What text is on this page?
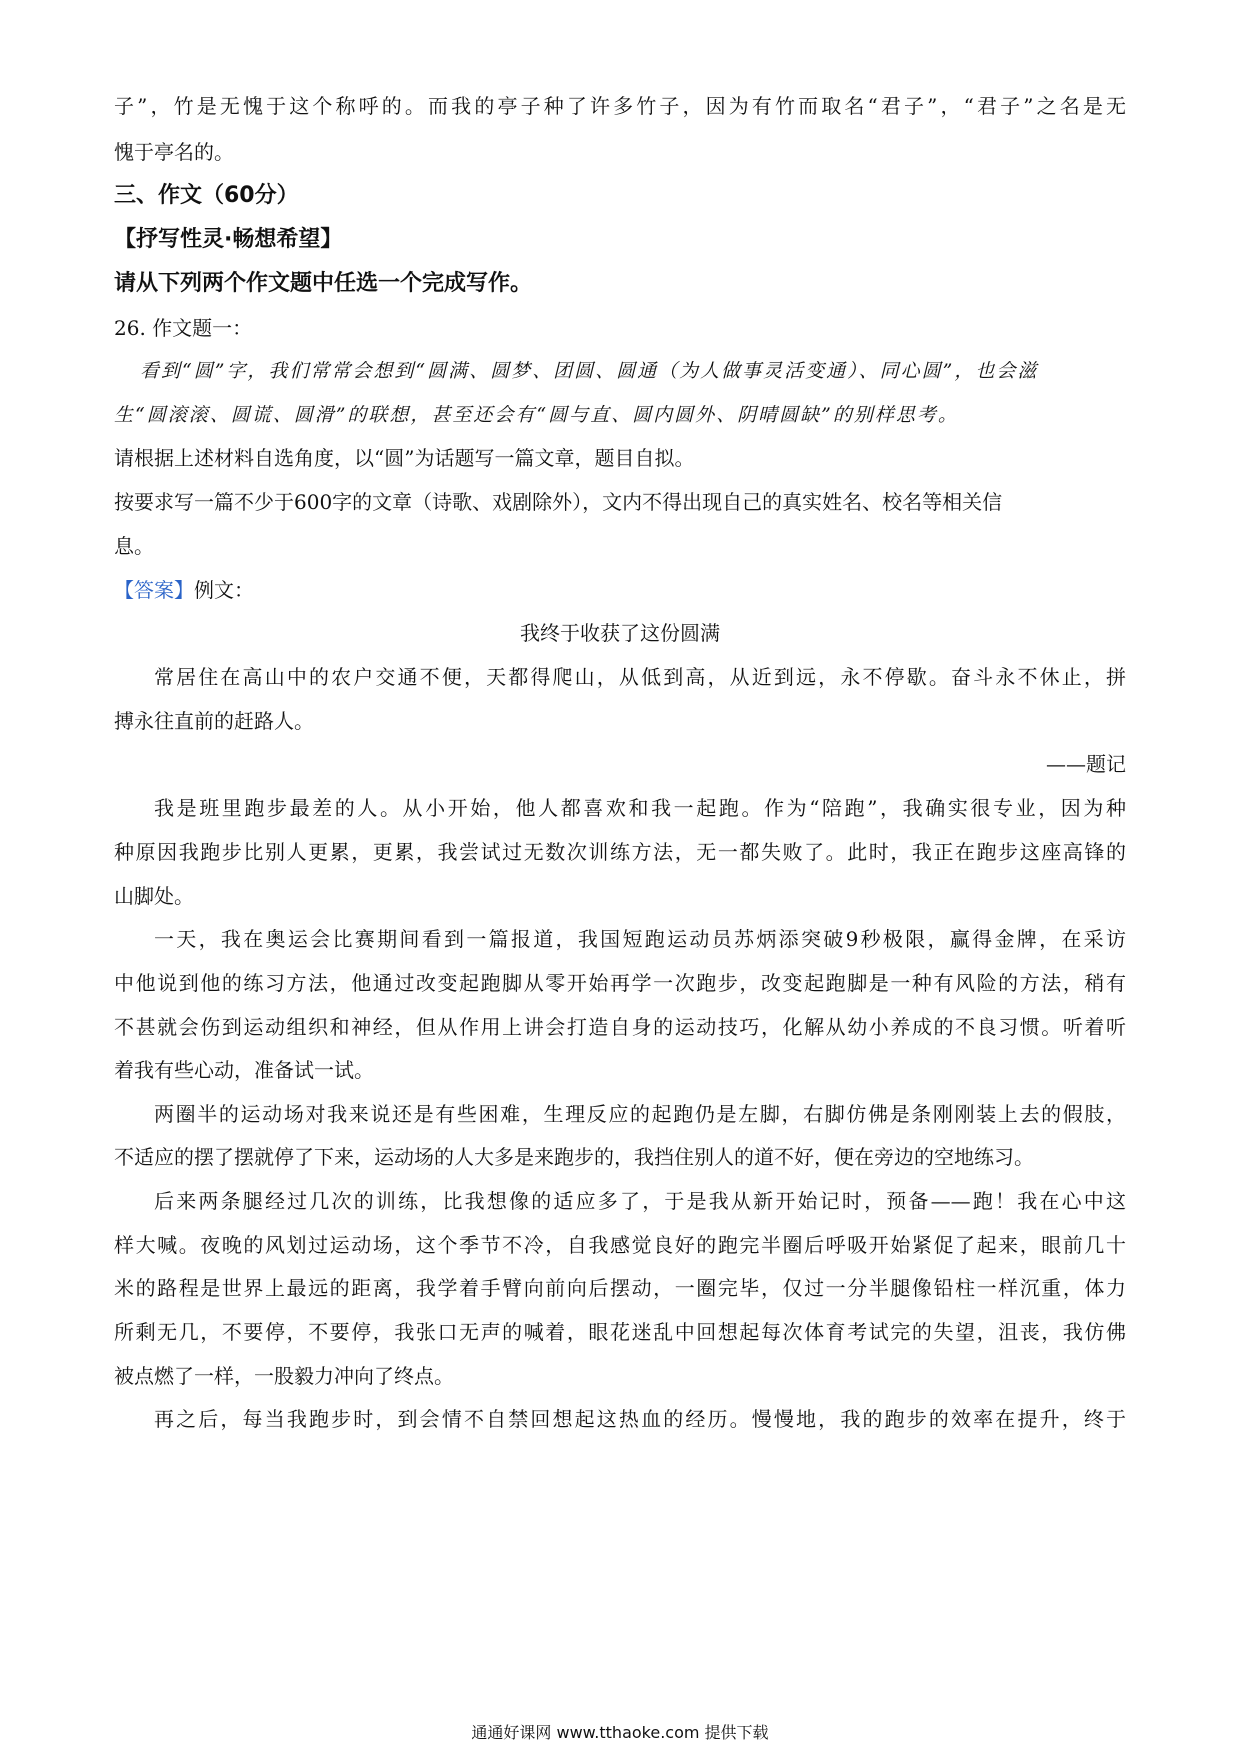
子”，竹是无愧于这个称呼的。而我的亭子种了许多竹子，因为有竹而取名“君子”，“君子”之名是无
愧于亭名的。
三、作文（60分）
【抒写性灵·畅想希望】
请从下列两个作文题中任选一个完成写作。
26. 作文题一：
看到“圆”字，我们常常会想到“圆满、圆梦、团圆、圆通（为人做事灵活变通）、同心圆”，也会滋
生“圆滚滚、圆谎、圆滑”的联想，甚至还会有“圆与直、圆内圆外、阴晴圆缺”的别样思考。
请根据上述材料自选角度，以“圆”为话题写一篇文章，题目自拟。
按要求写一篇不少于600字的文章（诗歌、戏剧除外），文内不得出现自己的真实姓名、校名等相关信
息。
【答案】例文：
我终于收获了这份圆满
常居住在高山中的农户交通不便，天都得爬山，从低到高，从近到远，永不停歇。奋斗永不休止，拼
搏永往直前的赶路人。
——题记
我是班里跑步最差的人。从小开始，他人都喜欢和我一起跑。作为“陪跑”，我确实很专业，因为种
种原因我跑步比别人更累，更累，我尝试过无数次训练方法，无一都失败了。此时，我正在跑步这座高锋的
山脚处。
一天，我在奥运会比赛期间看到一篇报道，我国短跑运动员苏炳添突破9秒极限，赢得金牌，在采访
中他说到他的练习方法，他通过改变起跑脚从零开始再学一次跑步，改变起跑脚是一种有风险的方法，稍有
不甚就会伤到运动组织和神经，但从作用上讲会打造自身的运动技巧，化解从幼小养成的不良习惯。听着听
着我有些心动，准备试一试。
两圈半的运动场对我来说还是有些困难，生理反应的起跑仍是左脚，右脚仿佛是条刚刚装上去的假肢，
不适应的摆了摆就停了下来，运动场的人大多是来跑步的，我挡住别人的道不好，便在旁边的空地练习。
后来两条腿经过几次的训练，比我想像的适应多了，于是我从新开始记时，预备——跑！我在心中这
样大喊。夜晚的风划过运动场，这个季节不冷，自我感觉良好的跑完半圈后呼吸开始紧促了起来，眼前几十
米的路程是世界上最远的距离，我学着手臂向前向后摆动，一圈完毕，仅过一分半腿像铅柱一样沉重，体力
所剩无几，不要停，不要停，我张口无声的喊着，眼花迷乱中回想起每次体育考试完的失望，沮丧，我仿佛
被点燃了一样，一股毅力冲向了终点。
再之后，每当我跑步时，到会情不自禁回想起这热血的经历。慢慢地，我的跑步的效率在提升，终于
通通好课网 www.tthaoke.com 提供下载
